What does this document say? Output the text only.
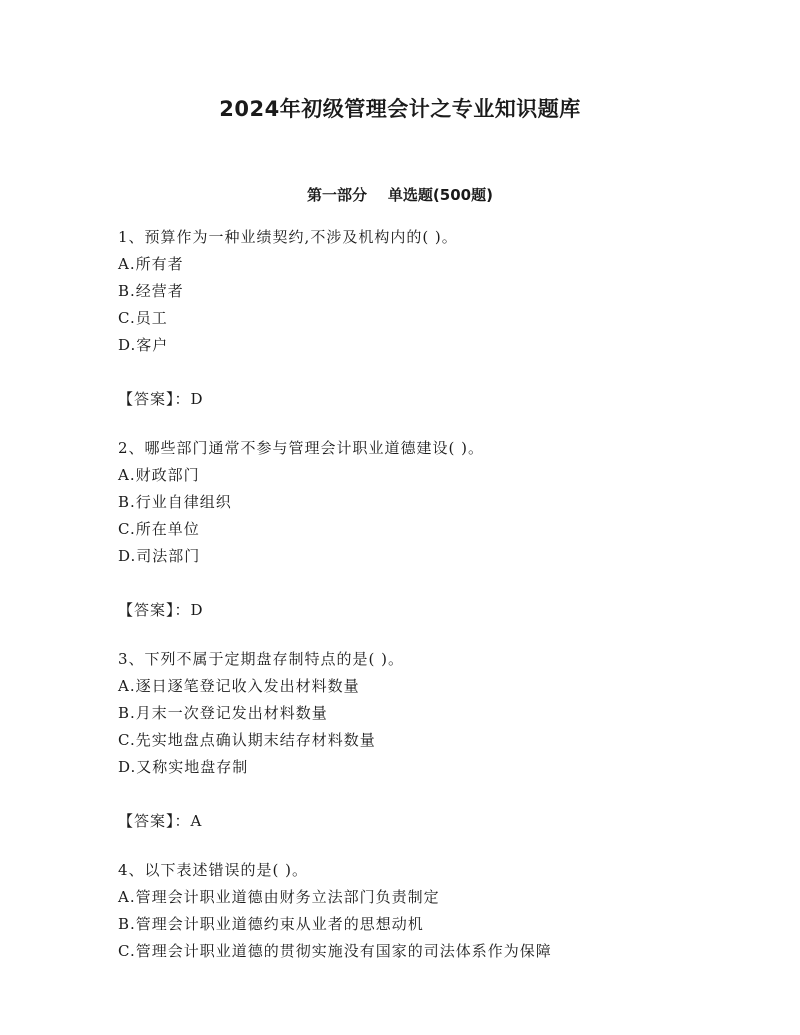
2024年初级管理会计之专业知识题库
第一部分    单选题(500题)
1、预算作为一种业绩契约,不涉及机构内的( )。
A.所有者
B.经营者
C.员工
D.客户
【答案】：D
2、哪些部门通常不参与管理会计职业道德建设( )。
A.财政部门
B.行业自律组织
C.所在单位
D.司法部门
【答案】：D
3、下列不属于定期盘存制特点的是( )。
A.逐日逐笔登记收入发出材料数量
B.月末一次登记发出材料数量
C.先实地盘点确认期末结存材料数量
D.又称实地盘存制
【答案】：A
4、以下表述错误的是( )。
A.管理会计职业道德由财务立法部门负责制定
B.管理会计职业道德约束从业者的思想动机
C.管理会计职业道德的贯彻实施没有国家的司法体系作为保障
